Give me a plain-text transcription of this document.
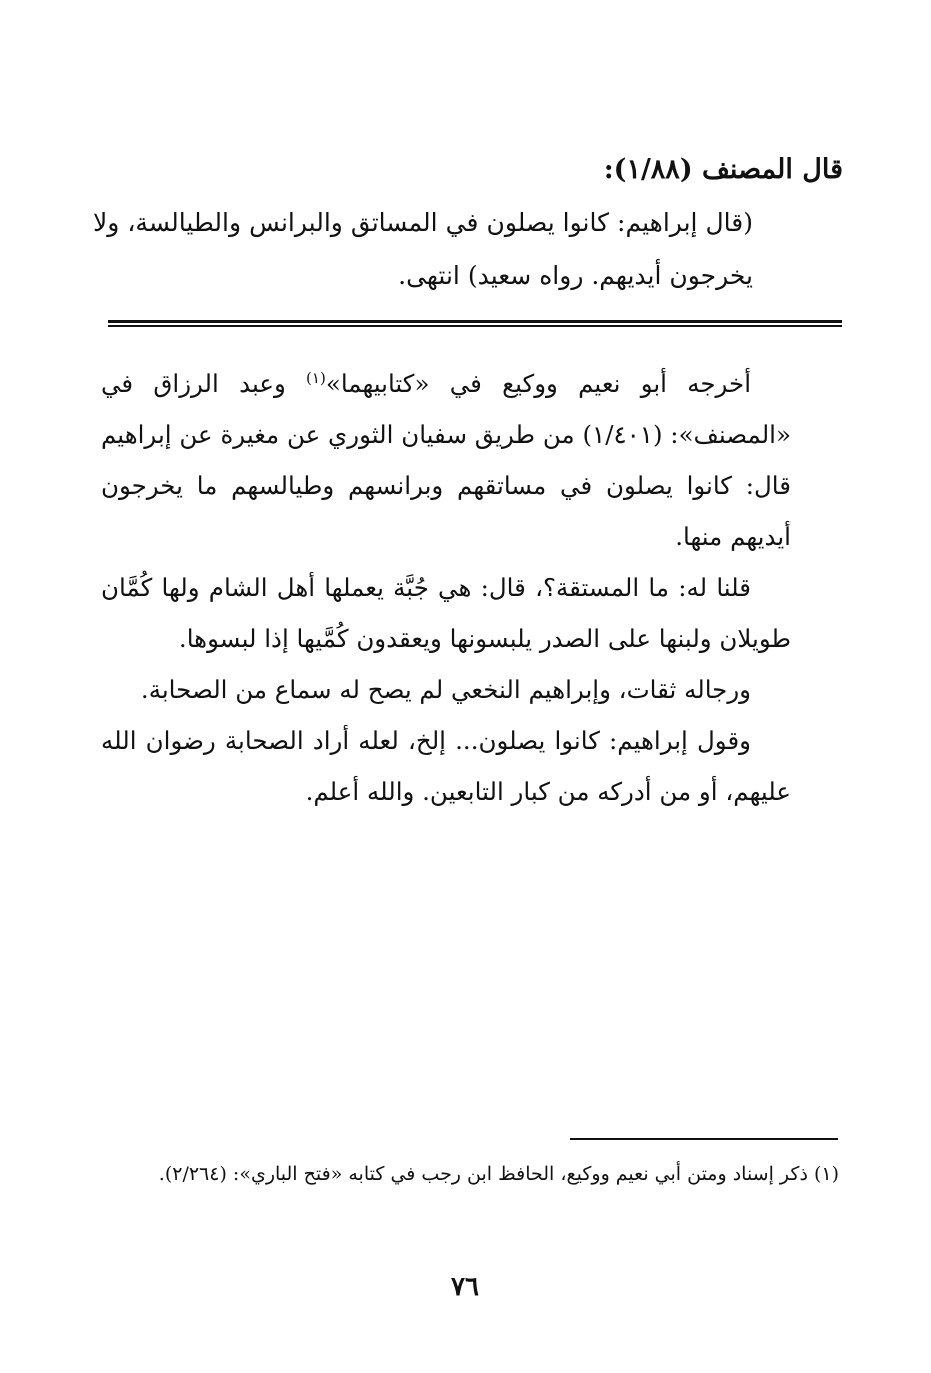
قال المصنف (١/٨٨):
(قال إبراهيم: كانوا يصلون في المساتق والبرانس والطيالسة، ولا يخرجون أيديهم. رواه سعيد) انتهى.

أخرجه أبو نعيم ووكيع في «كتابيهما»$^{(١)}$ وعبد الرزاق في «المصنف»: (١/٤٠١) من طريق سفيان الثوري عن مغيرة عن إبراهيم قال: كانوا يصلون في مساتقهم وبرانسهم وطيالسهم ما يخرجون أيديهم منها.

قلنا له: ما المستقة؟، قال: هي جُبَّة يعملها أهل الشام ولها كُمَّان طويلان ولبنها على الصدر يلبسونها ويعقدون كُمَّيها إذا لبسوها.

ورجاله ثقات، وإبراهيم النخعي لم يصح له سماع من الصحابة.

وقول إبراهيم: كانوا يصلون... إلخ، لعله أراد الصحابة رضوان الله عليهم، أو من أدركه من كبار التابعين. والله أعلم.

(١) ذكر إسناد ومتن أبي نعيم ووكيع، الحافظ ابن رجب في كتابه «فتح الباري»: (٢/٢٦٤).
٧٦
